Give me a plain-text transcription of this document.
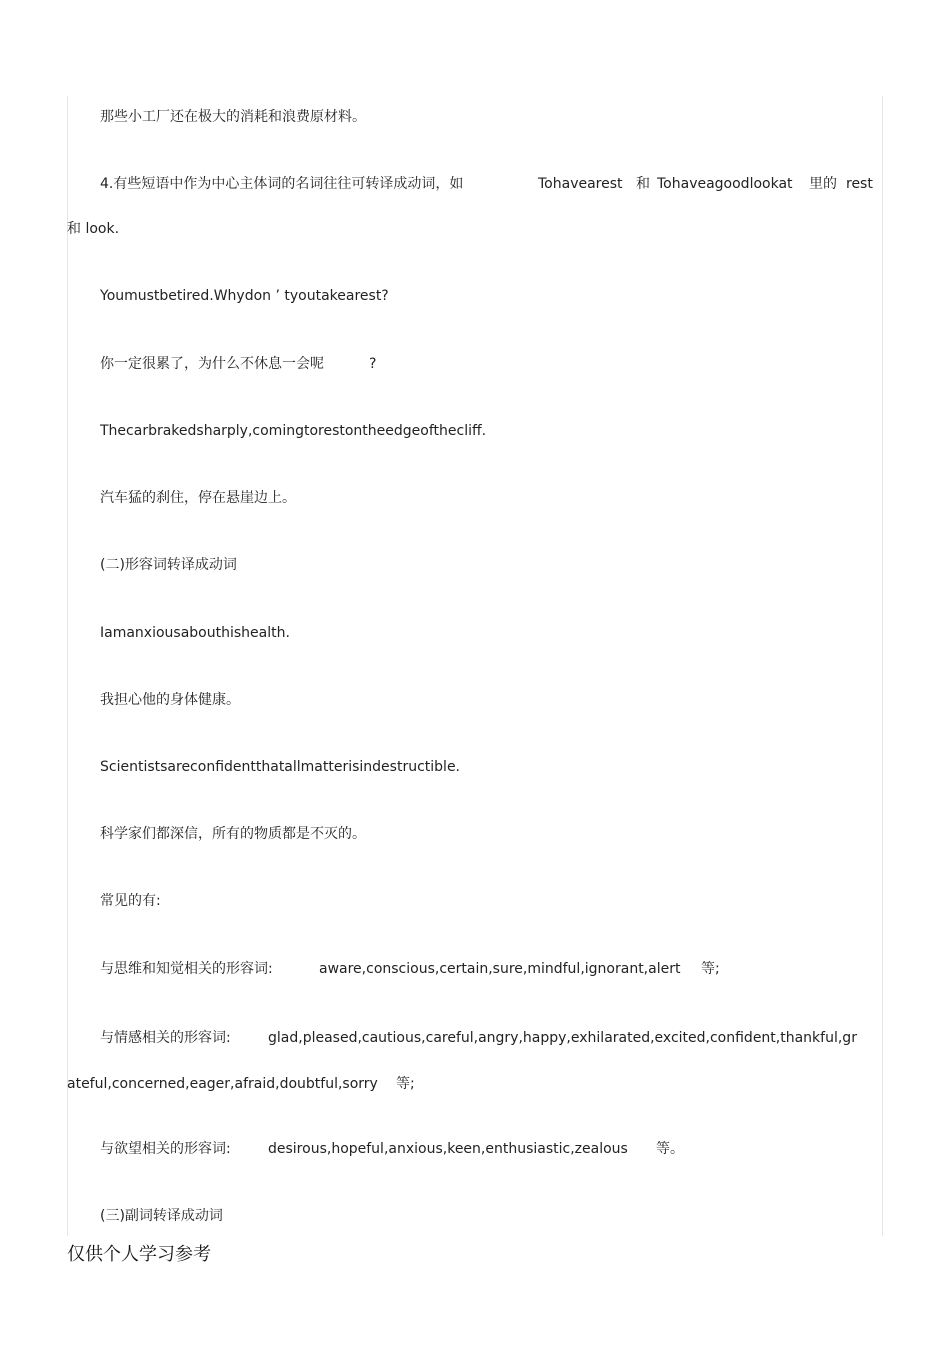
那些小工厂还在极大的消耗和浪费原材料。
4.有些短语中作为中心主体词的名词往往可转译成动词，如	Tohavearest 和 Tohaveagoodlookat 里的 rest
和 look.
Youmustbetired.Whydon ’ tyoutakearest?
你一定很累了，为什么不休息一会呢	?
Thecarbrakedsharply,comingtorestontheedgeofthecliff.
汽车猛的刹住，停在悬崖边上。
(二)形容词转译成动词
Iamanxiousabouthishealth.
我担心他的身体健康。
Scientistsareconfidentthatallmatterisindestructible.
科学家们都深信，所有的物质都是不灭的。
常见的有:
与思维和知觉相关的形容词:	aware,conscious,certain,sure,mindful,ignorant,alert 等;
与情感相关的形容词:	glad,pleased,cautious,careful,angry,happy,exhilarated,excited,confident,thankful,gr
ateful,concerned,eager,afraid,doubtful,sorry 等;
与欲望相关的形容词:	desirous,hopeful,anxious,keen,enthusiastic,zealous 等。
(三)副词转译成动词
仅供个人学习参考
